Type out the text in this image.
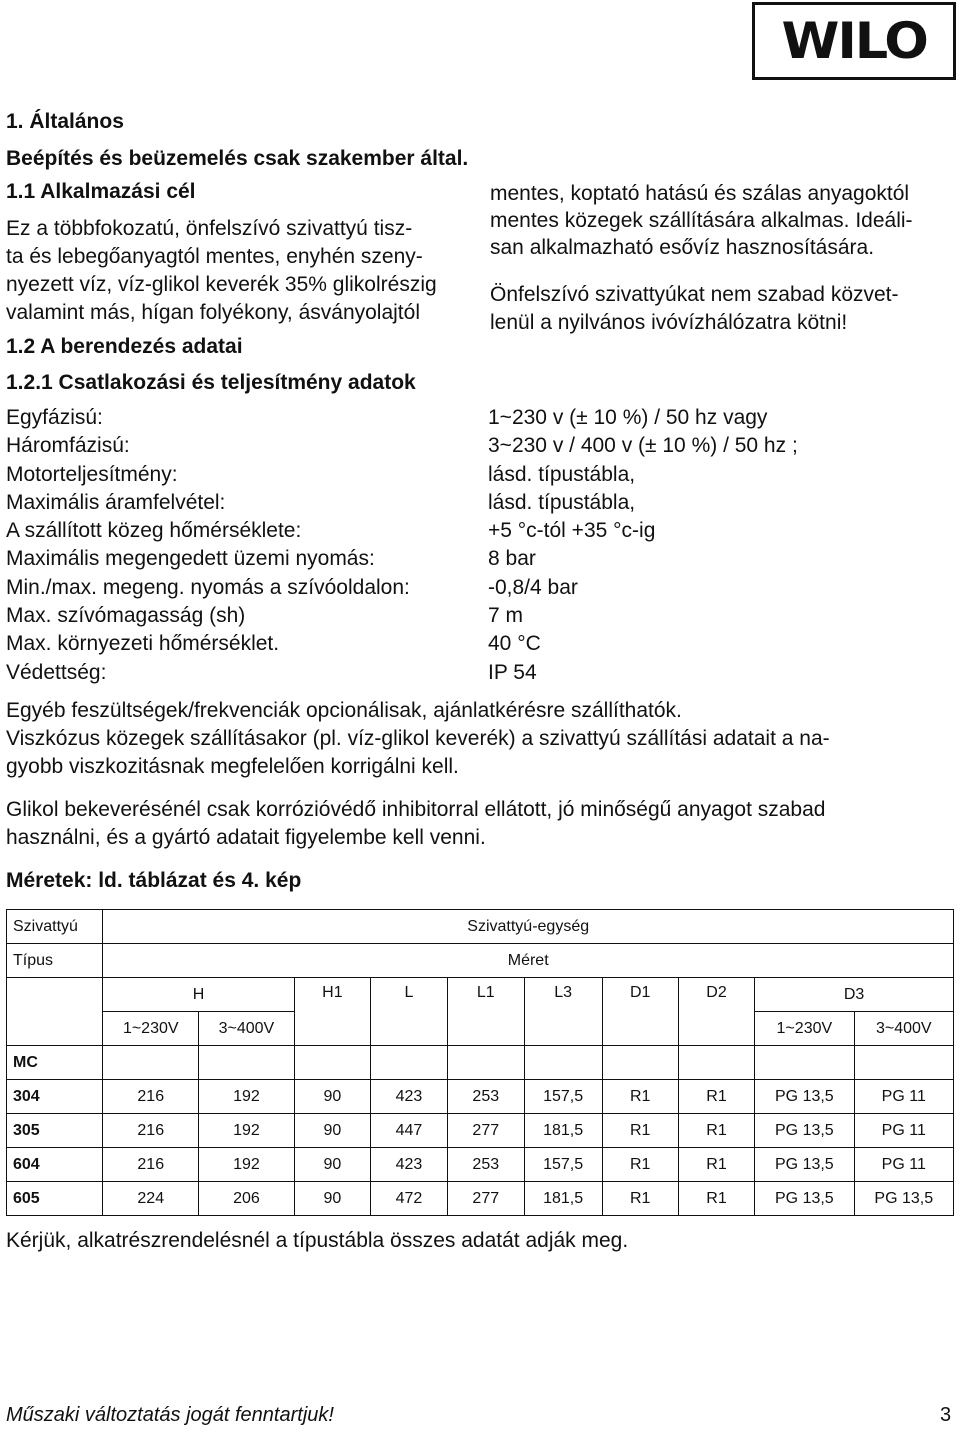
WILO
1. Általános
Beépítés és beüzemelés csak szakember által.
1.1 Alkalmazási cél
Ez a többfokozatú, önfelszívó szivattyú tisz-
ta és lebegőanyagtól mentes, enyhén szeny-
nyezett víz, víz-glikol keverék 35% glikolrészig
valamint más, hígan folyékony, ásványolajtól
mentes, koptató hatású és szálas anyagoktól
mentes közegek szállítására alkalmas. Ideáli-
san alkalmazható esővíz hasznosítására.
Önfelszívó szivattyúkat nem szabad közvet-
lenül a nyilvános ivóvízhálózatra kötni!
1.2 A berendezés adatai
1.2.1 Csatlakozási és teljesítmény adatok
Egyfázisú:	1~230 v (± 10 %) / 50 hz vagy
Háromfázisú:	3~230 v / 400 v (± 10 %) / 50 hz ;
Motorteljesítmény:	lásd. típustábla,
Maximális áramfelvétel:	lásd. típustábla,
A szállított közeg hőmérséklete:	+5 °c-tól +35 °c-ig
Maximális megengedett üzemi nyomás:	8 bar
Min./max. megeng. nyomás a szívóoldalon:	-0,8/4 bar
Max. szívómagasság (sh)	7 m
Max. környezeti hőmérséklet.	40 °C
Védettség:	IP 54
Egyéb feszültségek/frekvenciák opcionálisak, ajánlatkérésre szállíthatók.
Viszkózus közegek szállításakor (pl. víz-glikol keverék) a szivattyú szállítási adatait a na-
gyobb viszkozitásnak megfelelően korrigálni kell.
Glikol bekeverésénél csak korrózióvédő inhibitorral ellátott, jó minőségű anyagot szabad
használni, és a gyártó adatait figyelembe kell venni.
Méretek: ld. táblázat és 4. kép
Szivattyú	Szivattyú-egység									
Típus	Méret									
	H		H1	L	L1	L3	D1	D2	D3	
	1~230V	3~400V							1~230V	3~400V
MC										
304	216	192	90	423	253	157,5	R1	R1	PG 13,5	PG 11
305	216	192	90	447	277	181,5	R1	R1	PG 13,5	PG 11
604	216	192	90	423	253	157,5	R1	R1	PG 13,5	PG 11
605	224	206	90	472	277	181,5	R1	R1	PG 13,5	PG 13,5
Kérjük, alkatrészrendelésnél a típustábla összes adatát adják meg.
Műszaki változtatás jogát fenntartjuk!	3
